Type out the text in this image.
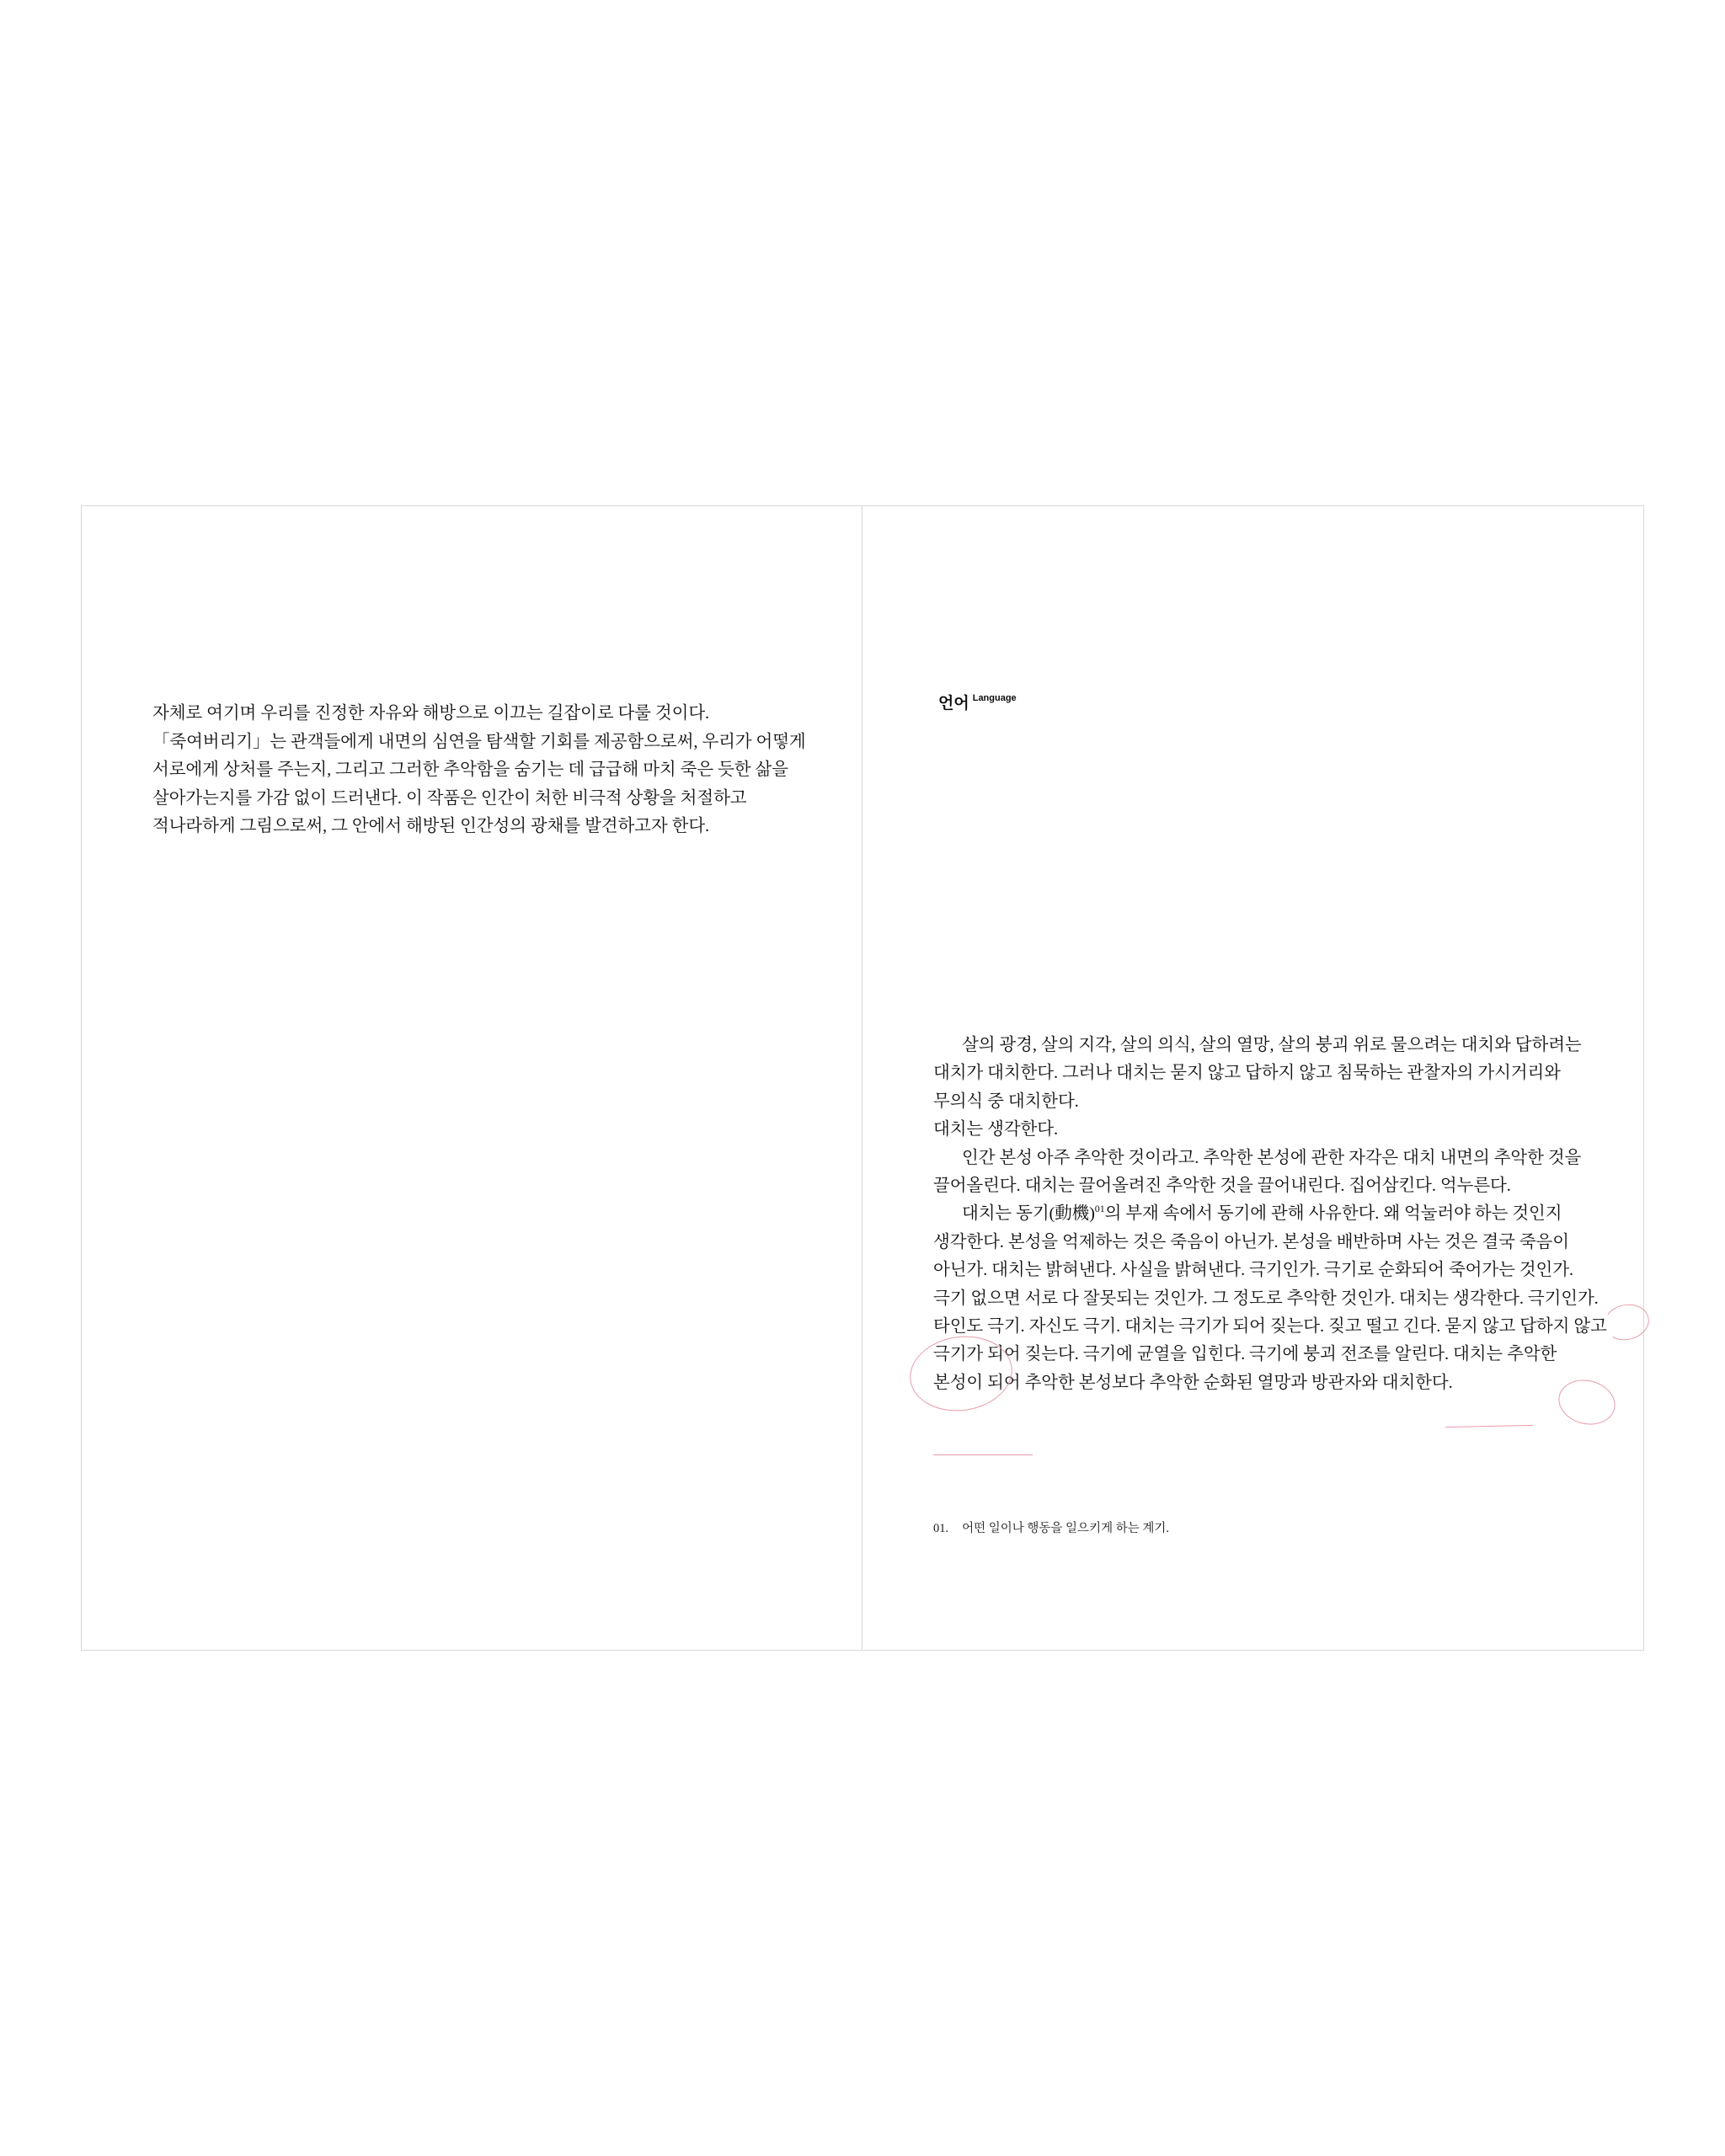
자체로 여기며 우리를 진정한 자유와 해방으로 이끄는 길잡이로 다룰 것이다. 「죽여버리기」는 관객들에게 내면의 심연을 탐색할 기회를 제공함으로써, 우리가 어떻게 서로에게 상처를 주는지, 그리고 그러한 추악함을 숨기는 데 급급해 마치 죽은 듯한 삶을 살아가는지를 가감 없이 드러낸다. 이 작품은 인간이 처한 비극적 상황을 처절하고 적나라하게 그림으로써, 그 안에서 해방된 인간성의 광채를 발견하고자 한다.

언어 Language

살의 광경, 살의 지각, 살의 의식, 살의 열망, 살의 붕괴 위로 물으려는 대치와 답하려는 대치가 대치한다. 그러나 대치는 묻지 않고 답하지 않고 침묵하는 관찰자의 가시거리와 무의식 중 대치한다.

대치는 생각한다.

인간 본성 아주 추악한 것이라고. 추악한 본성에 관한 자각은 대치 내면의 추악한 것을 끌어올린다. 대치는 끌어올려진 추악한 것을 끌어내린다. 집어삼킨다. 억누른다.

대치는 동기(動機)$^{01}$의 부재 속에서 동기에 관해 사유한다. 왜 억눌러야 하는 것인지 생각한다. 본성을 억제하는 것은 죽음이 아닌가. 본성을 배반하며 사는 것은 결국 죽음이 아닌가. 대치는 밝혀낸다. 사실을 밝혀낸다. 극기인가. 극기로 순화되어 죽어가는 것인가. 극기 없으면 서로 다 잘못되는 것인가. 그 정도로 추악한 것인가. 대치는 생각한다. 극기인가. 타인도 극기. 자신도 극기. 대치는 극기가 되어 짖는다. 짖고 떨고 긴다. 묻지 않고 답하지 않고 극기가 되어 짖는다. 극기에 균열을 입힌다. 극기에 붕괴 전조를 알린다. 대치는 추악한 본성이 되어 추악한 본성보다 추악한 순화된 열망과 방관자와 대치한다.

01. 어떤 일이나 행동을 일으키게 하는 계기.
